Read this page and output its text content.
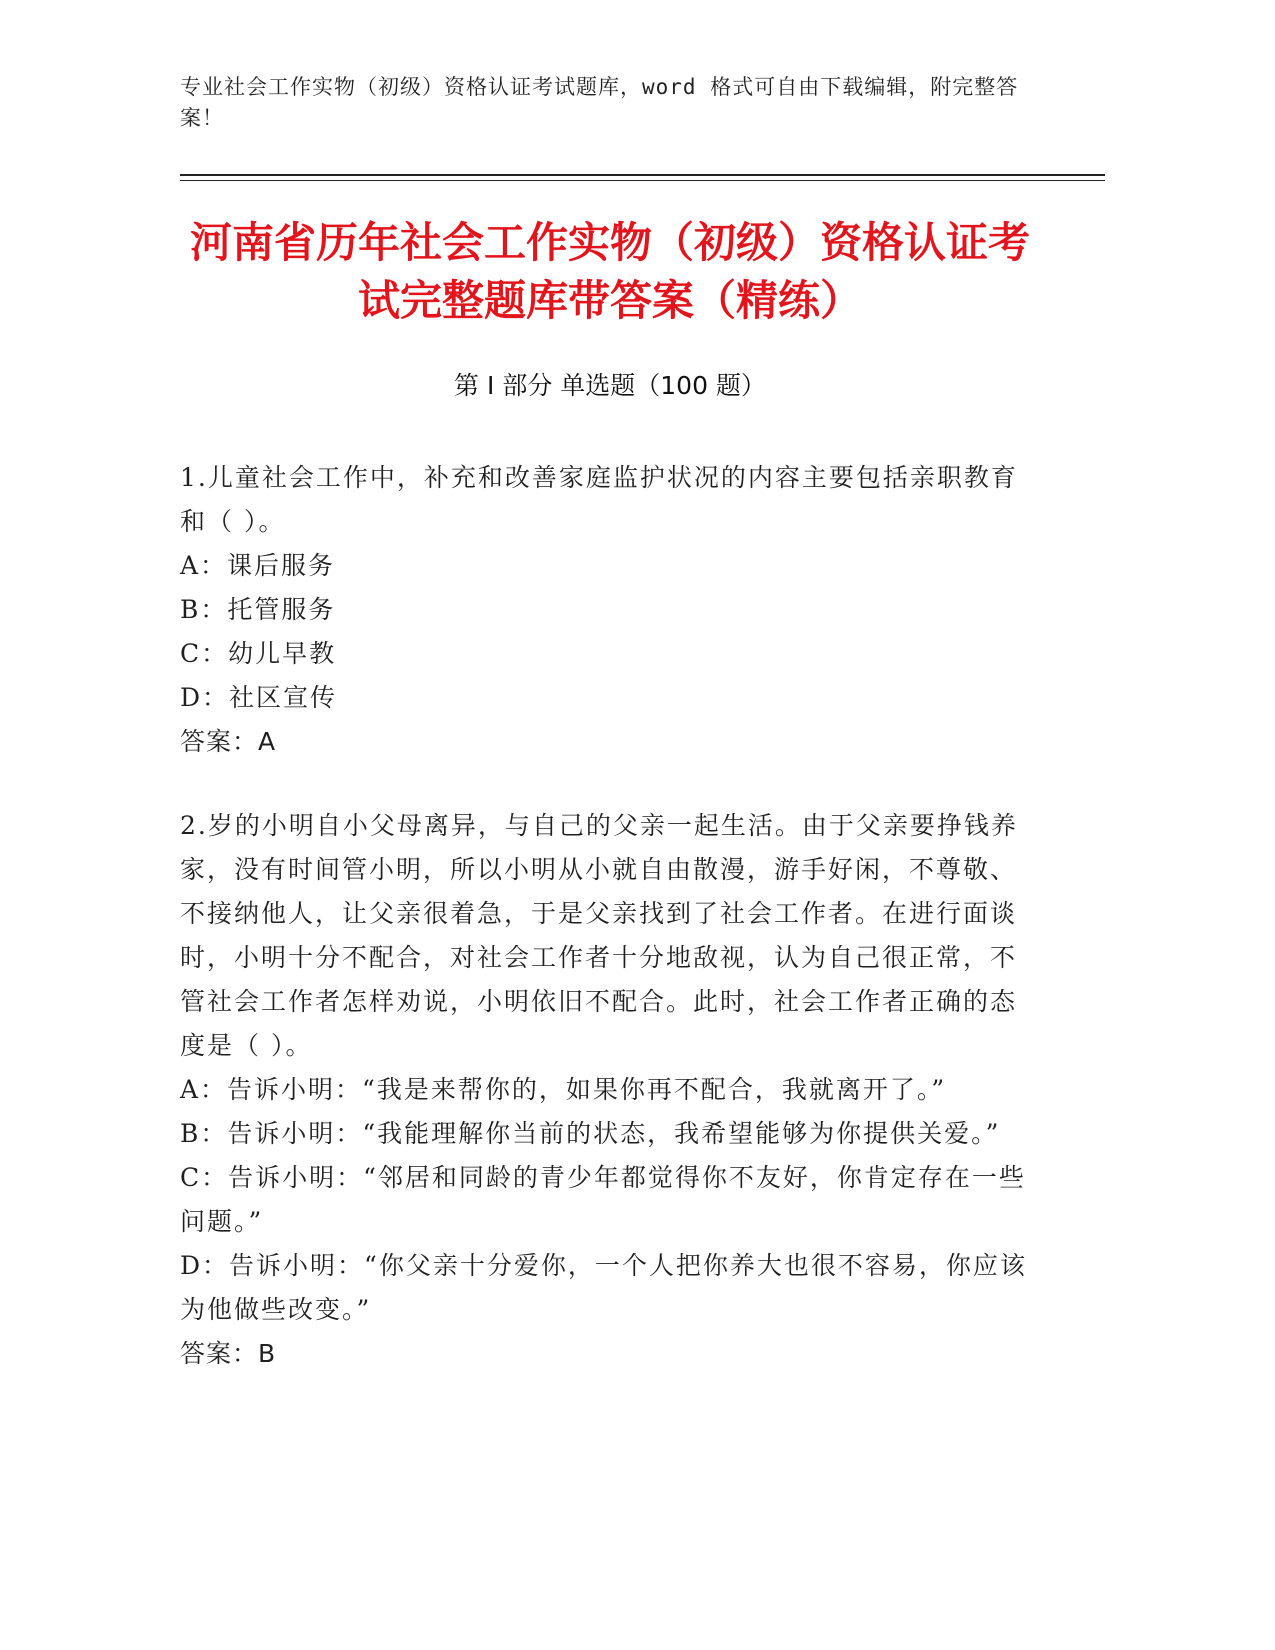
专业社会工作实物（初级）资格认证考试题库，word 格式可自由下载编辑，附完整答案！
河南省历年社会工作实物（初级）资格认证考试完整题库带答案（精练）
第 I 部分 单选题（100 题）

1.儿童社会工作中，补充和改善家庭监护状况的内容主要包括亲职教育和（ ）。

A：课后服务

B：托管服务

C：幼儿早教

D：社区宣传

答案：A

2.岁的小明自小父母离异，与自己的父亲一起生活。由于父亲要挣钱养家，没有时间管小明，所以小明从小就自由散漫，游手好闲，不尊敬、不接纳他人，让父亲很着急，于是父亲找到了社会工作者。在进行面谈时，小明十分不配合，对社会工作者十分地敌视，认为自己很正常，不管社会工作者怎样劝说，小明依旧不配合。此时，社会工作者正确的态度是（ ）。

A：告诉小明：“我是来帮你的，如果你再不配合，我就离开了。”

B：告诉小明：“我能理解你当前的状态，我希望能够为你提供关爱。”

C：告诉小明：“邻居和同龄的青少年都觉得你不友好，你肯定存在一些问题。”

D：告诉小明：“你父亲十分爱你，一个人把你养大也很不容易，你应该为他做些改变。”

答案：B
